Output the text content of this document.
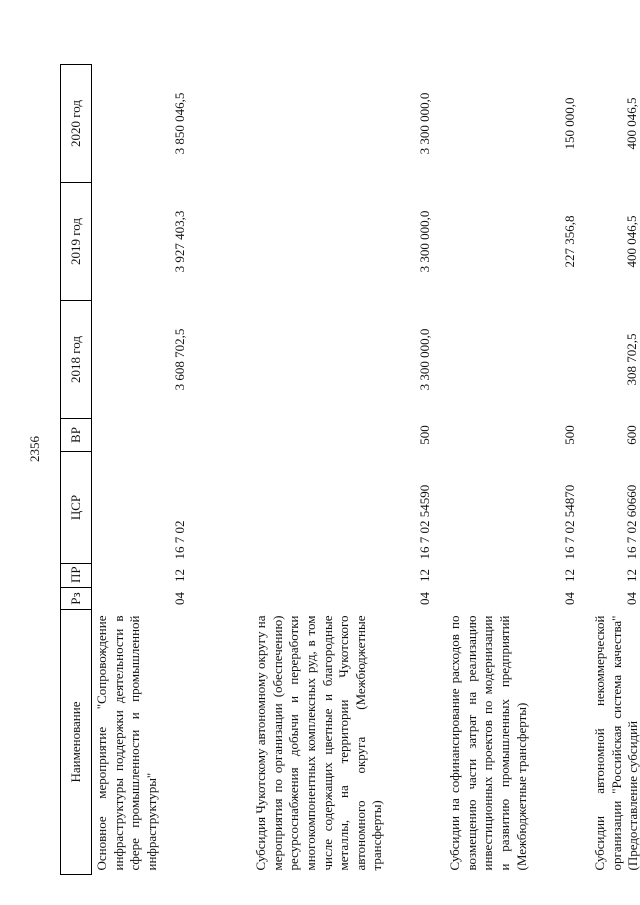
2356
Наименование	Рз	ПР	ЦСР	ВР	2018 год	2019 год	2020 год
Основное мероприятие "Сопровождение инфраструктуры поддержки деятельности в сфере промышленности и промышленной инфраструктуры"	04	12	16 7 02		3 608 702,5	3 927 403,3	3 850 046,5
Субсидия Чукотскому автономному округу на мероприятия по организации (обеспечению) ресурсоснабжения добычи и переработки многокомпонентных комплексных руд, в том числе содержащих цветные и благородные металлы, на территории Чукотского автономного округа (Межбюджетные трансферты)	04	12	16 7 02 54590	500	3 300 000,0	3 300 000,0	3 300 000,0
Субсидии на софинансирование расходов по возмещению части затрат на реализацию инвестиционных проектов по модернизации и развитию промышленных предприятий (Межбюджетные трансферты)	04	12	16 7 02 54870	500		227 356,8	150 000,0
Субсидии автономной некоммерческой организации "Российская система качества" (Предоставление субсидий	04	12	16 7 02 60660	600	308 702,5	400 046,5	400 046,5
